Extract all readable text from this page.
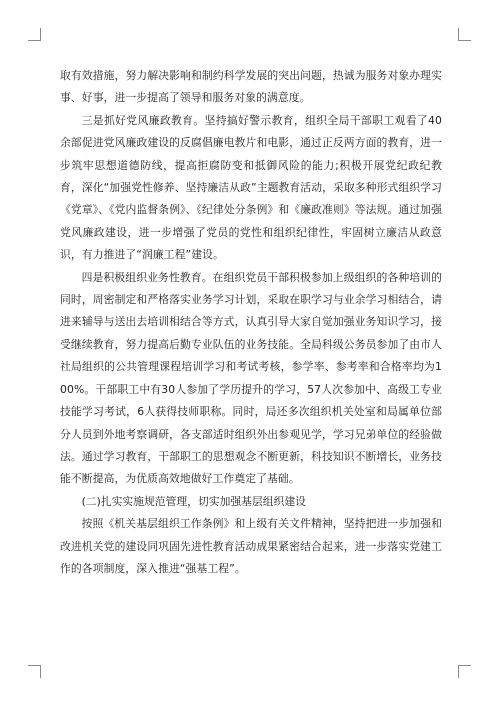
取有效措施，努力解决影响和制约科学发展的突出问题，热诚为服务对象办理实事、好事，进一步提高了领导和服务对象的满意度。

三是抓好党风廉政教育。坚持搞好警示教育，组织全局干部职工观看了40余部促进党风廉政建设的反腐倡廉电教片和电影，通过正反两方面的教育，进一步筑牢思想道德防线，提高拒腐防变和抵御风险的能力;积极开展党纪政纪教育，深化“加强党性修养、坚持廉洁从政”主题教育活动，采取多种形式组织学习《党章》、《党内监督条例》、《纪律处分条例》和《廉政准则》等法规。通过加强党风廉政建设，进一步增强了党员的党性和组织纪律性，牢固树立廉洁从政意识，有力推进了“润廉工程”建设。

四是积极组织业务性教育。在组织党员干部积极参加上级组织的各种培训的同时，周密制定和严格落实业务学习计划，采取在职学习与业余学习相结合，请进来辅导与送出去培训相结合等方式，认真引导大家自觉加强业务知识学习，接受继续教育，努力提高后勤专业队伍的业务技能。全局科级公务员参加了由市人社局组织的公共管理课程培训学习和考试考核，参学率、参考率和合格率均为100%。干部职工中有30人参加了学历提升的学习，57人次参加中、高级工专业技能学习考试，6人获得技师职称。同时，局还多次组织机关处室和局属单位部分人员到外地考察调研，各支部适时组织外出参观见学，学习兄弟单位的经验做法。通过学习教育，干部职工的思想观念不断更新，科技知识不断增长，业务技能不断提高，为优质高效地做好工作奠定了基础。

(二)扎实实施规范管理，切实加强基层组织建设

按照《机关基层组织工作条例》和上级有关文件精神，坚持把进一步加强和改进机关党的建设同巩固先进性教育活动成果紧密结合起来，进一步落实党建工作的各项制度，深入推进“强基工程”。
